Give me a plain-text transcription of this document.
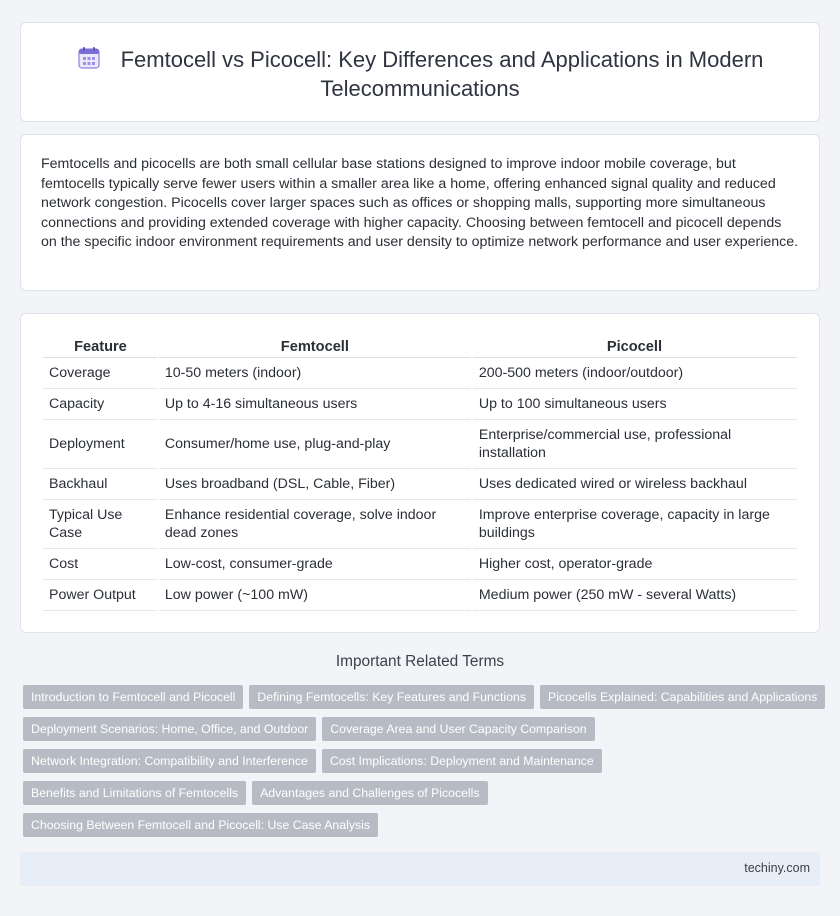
Femtocell vs Picocell: Key Differences and Applications in Modern Telecommunications

Femtocells and picocells are both small cellular base stations designed to improve indoor mobile coverage, but femtocells typically serve fewer users within a smaller area like a home, offering enhanced signal quality and reduced network congestion. Picocells cover larger spaces such as offices or shopping malls, supporting more simultaneous connections and providing extended coverage with higher capacity. Choosing between femtocell and picocell depends on the specific indoor environment requirements and user density to optimize network performance and user experience.

Feature	Femtocell	Picocell
Coverage	10-50 meters (indoor)	200-500 meters (indoor/outdoor)
Capacity	Up to 4-16 simultaneous users	Up to 100 simultaneous users
Deployment	Consumer/home use, plug-and-play	Enterprise/commercial use, professional installation
Backhaul	Uses broadband (DSL, Cable, Fiber)	Uses dedicated wired or wireless backhaul
Typical Use Case	Enhance residential coverage, solve indoor dead zones	Improve enterprise coverage, capacity in large buildings
Cost	Low-cost, consumer-grade	Higher cost, operator-grade
Power Output	Low power (~100 mW)	Medium power (250 mW - several Watts)
Important Related Terms
Introduction to Femtocell and Picocell Defining Femtocells: Key Features and Functions Picocells Explained: Capabilities and Applications
Deployment Scenarios: Home, Office, and Outdoor Coverage Area and User Capacity Comparison
Network Integration: Compatibility and Interference Cost Implications: Deployment and Maintenance
Benefits and Limitations of Femtocells Advantages and Challenges of Picocells
Choosing Between Femtocell and Picocell: Use Case Analysis
techiny.com
